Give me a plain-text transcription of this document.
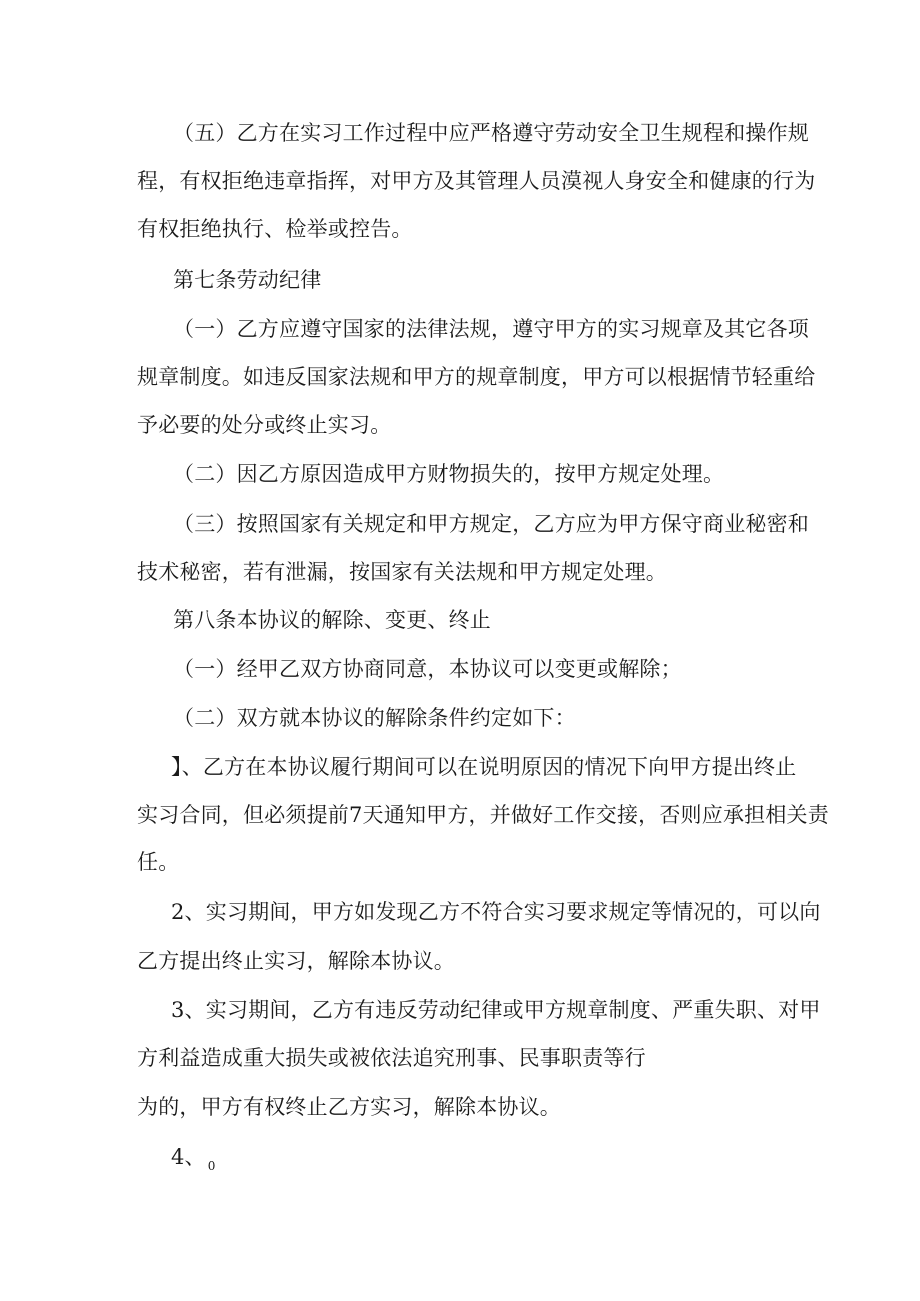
（五）乙方在实习工作过程中应严格遵守劳动安全卫生规程和操作规
程，有权拒绝违章指挥，对甲方及其管理人员漠视人身安全和健康的行为
有权拒绝执行、检举或控告。
第七条劳动纪律
（一）乙方应遵守国家的法律法规，遵守甲方的实习规章及其它各项
规章制度。如违反国家法规和甲方的规章制度，甲方可以根据情节轻重给
予必要的处分或终止实习。
（二）因乙方原因造成甲方财物损失的，按甲方规定处理。
（三）按照国家有关规定和甲方规定，乙方应为甲方保守商业秘密和
技术秘密，若有泄漏，按国家有关法规和甲方规定处理。
第八条本协议的解除、变更、终止
（一）经甲乙双方协商同意，本协议可以变更或解除；
（二）双方就本协议的解除条件约定如下：
】、乙方在本协议履行期间可以在说明原因的情况下向甲方提出终止
实习合同，但必须提前7天通知甲方，并做好工作交接，否则应承担相关责
任。
2、实习期间，甲方如发现乙方不符合实习要求规定等情况的，可以向
乙方提出终止实习，解除本协议。
3、实习期间，乙方有违反劳动纪律或甲方规章制度、严重失职、对甲
方利益造成重大损失或被依法追究刑事、民事职责等行
为的，甲方有权终止乙方实习，解除本协议。
4、 $_0$
